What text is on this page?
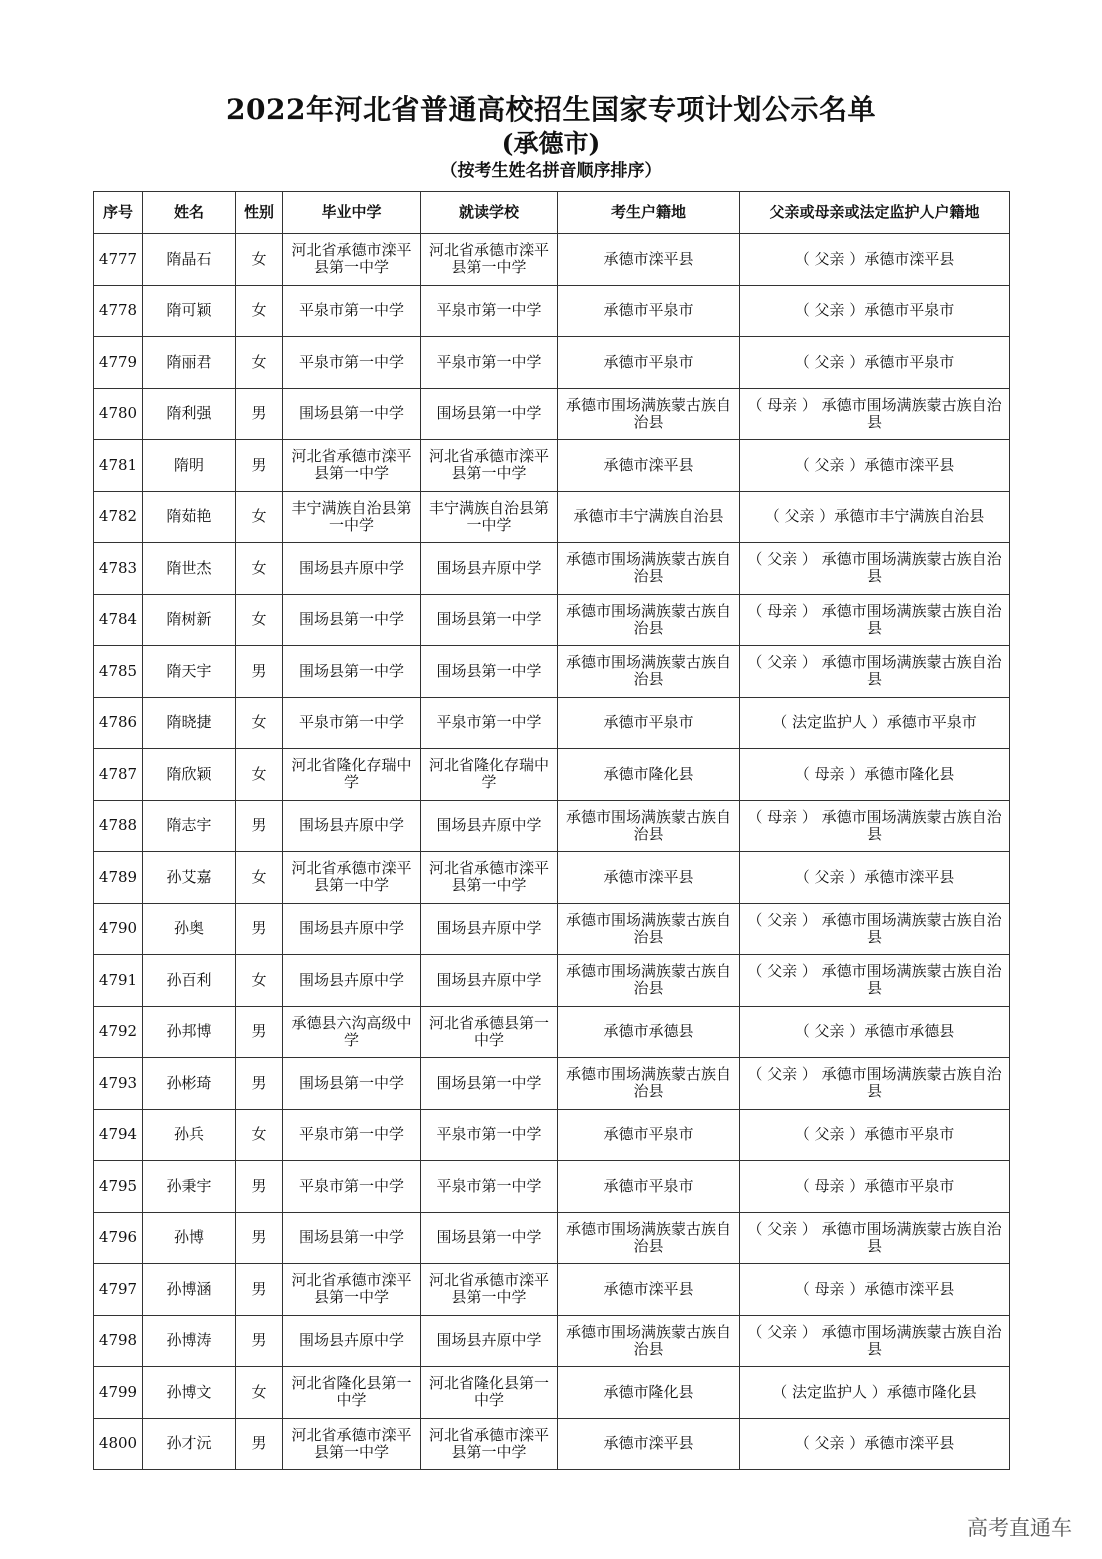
2022年河北省普通高校招生国家专项计划公示名单
(承德市)
（按考生姓名拼音顺序排序）
序号	姓名	性别	毕业中学	就读学校	考生户籍地	父亲或母亲或法定监护人户籍地
4777	隋晶石	女	河北省承德市滦平县第一中学	河北省承德市滦平县第一中学	承德市滦平县	（ 父亲 ）承德市滦平县
4778	隋可颖	女	平泉市第一中学	平泉市第一中学	承德市平泉市	（ 父亲 ）承德市平泉市
4779	隋丽君	女	平泉市第一中学	平泉市第一中学	承德市平泉市	（ 父亲 ）承德市平泉市
4780	隋利强	男	围场县第一中学	围场县第一中学	承德市围场满族蒙古族自治县	（ 母亲 ） 承德市围场满族蒙古族自治县
4781	隋明	男	河北省承德市滦平县第一中学	河北省承德市滦平县第一中学	承德市滦平县	（ 父亲 ）承德市滦平县
4782	隋茹艳	女	丰宁满族自治县第一中学	丰宁满族自治县第一中学	承德市丰宁满族自治县	（ 父亲 ）承德市丰宁满族自治县
4783	隋世杰	女	围场县卉原中学	围场县卉原中学	承德市围场满族蒙古族自治县	（ 父亲 ） 承德市围场满族蒙古族自治县
4784	隋树新	女	围场县第一中学	围场县第一中学	承德市围场满族蒙古族自治县	（ 母亲 ） 承德市围场满族蒙古族自治县
4785	隋天宇	男	围场县第一中学	围场县第一中学	承德市围场满族蒙古族自治县	（ 父亲 ） 承德市围场满族蒙古族自治县
4786	隋晓捷	女	平泉市第一中学	平泉市第一中学	承德市平泉市	（ 法定监护人 ）承德市平泉市
4787	隋欣颖	女	河北省隆化存瑞中学	河北省隆化存瑞中学	承德市隆化县	（ 母亲 ）承德市隆化县
4788	隋志宇	男	围场县卉原中学	围场县卉原中学	承德市围场满族蒙古族自治县	（ 母亲 ） 承德市围场满族蒙古族自治县
4789	孙艾嘉	女	河北省承德市滦平县第一中学	河北省承德市滦平县第一中学	承德市滦平县	（ 父亲 ）承德市滦平县
4790	孙奥	男	围场县卉原中学	围场县卉原中学	承德市围场满族蒙古族自治县	（ 父亲 ） 承德市围场满族蒙古族自治县
4791	孙百利	女	围场县卉原中学	围场县卉原中学	承德市围场满族蒙古族自治县	（ 父亲 ） 承德市围场满族蒙古族自治县
4792	孙邦博	男	承德县六沟高级中学	河北省承德县第一中学	承德市承德县	（ 父亲 ）承德市承德县
4793	孙彬琦	男	围场县第一中学	围场县第一中学	承德市围场满族蒙古族自治县	（ 父亲 ） 承德市围场满族蒙古族自治县
4794	孙兵	女	平泉市第一中学	平泉市第一中学	承德市平泉市	（ 父亲 ）承德市平泉市
4795	孙秉宇	男	平泉市第一中学	平泉市第一中学	承德市平泉市	（ 母亲 ）承德市平泉市
4796	孙博	男	围场县第一中学	围场县第一中学	承德市围场满族蒙古族自治县	（ 父亲 ） 承德市围场满族蒙古族自治县
4797	孙博涵	男	河北省承德市滦平县第一中学	河北省承德市滦平县第一中学	承德市滦平县	（ 母亲 ）承德市滦平县
4798	孙博涛	男	围场县卉原中学	围场县卉原中学	承德市围场满族蒙古族自治县	（ 父亲 ） 承德市围场满族蒙古族自治县
4799	孙博文	女	河北省隆化县第一中学	河北省隆化县第一中学	承德市隆化县	（ 法定监护人 ）承德市隆化县
4800	孙才沅	男	河北省承德市滦平县第一中学	河北省承德市滦平县第一中学	承德市滦平县	（ 父亲 ）承德市滦平县
高考直通车
